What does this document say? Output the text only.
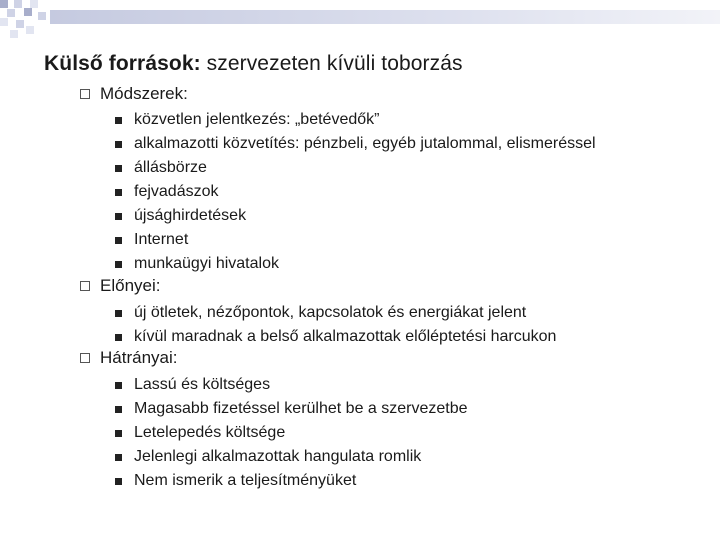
Külső források: szervezeten kívüli toborzás
Módszerek:
közvetlen jelentkezés: „betévedők”
alkalmazotti közvetítés: pénzbeli, egyéb jutalommal, elismeréssel
állásbörze
fejvadászok
újsághirdetések
Internet
munkaügyi hivatalok
Előnyei:
új ötletek, nézőpontok, kapcsolatok és energiákat jelent
kívül maradnak a belső alkalmazottak előléptetési harcukon
Hátrányai:
Lassú és költséges
Magasabb fizetéssel kerülhet be a szervezetbe
Letelepedés költsége
Jelenlegi alkalmazottak hangulata romlik
Nem ismerik a teljesítményüket
